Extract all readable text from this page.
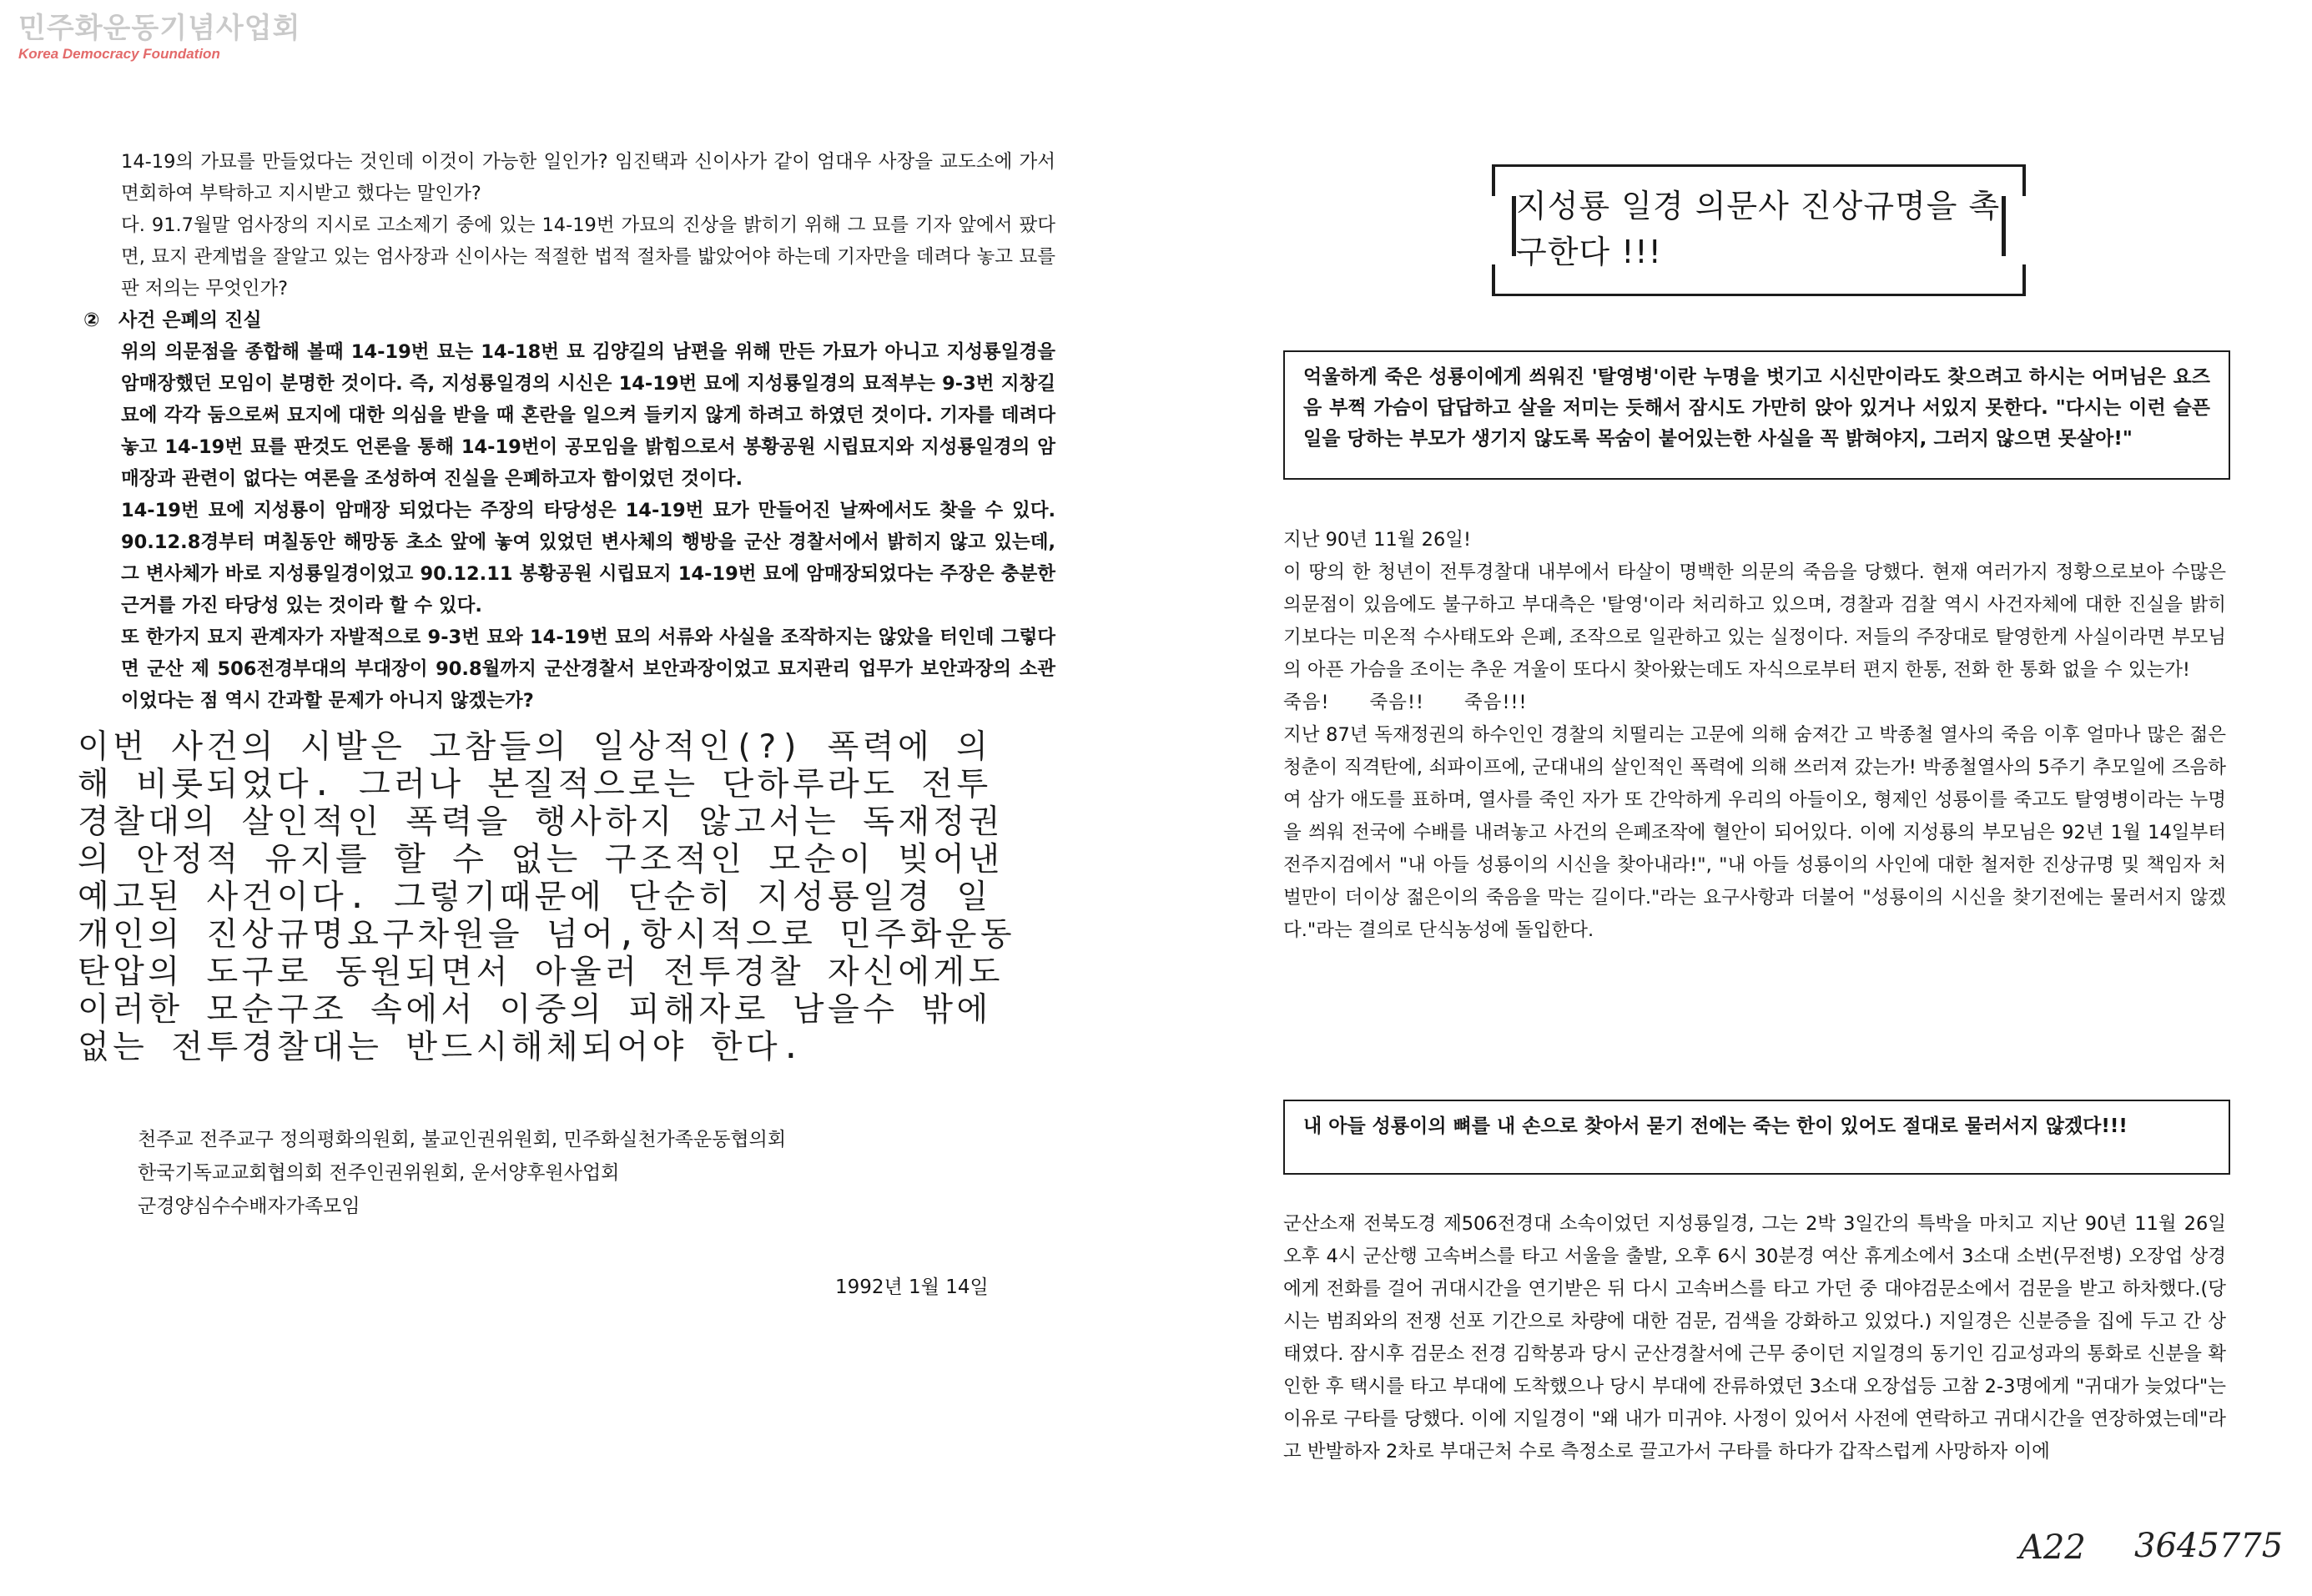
민주화운동기념사업회
Korea Democracy Foundation

14-19의 가묘를 만들었다는 것인데 이것이 가능한 일인가? 임진택과 신이사가 같이 엄대우 사장을 교도소에 가서 면회하여 부탁하고 지시받고 했다는 말인가?

다. 91.7월말 엄사장의 지시로 고소제기 중에 있는 14-19번 가묘의 진상을 밝히기 위해 그 묘를 기자 앞에서 팠다면, 묘지 관계법을 잘알고 있는 엄사장과 신이사는 적절한 법적 절차를 밟았어야 하는데 기자만을 데려다 놓고 묘를 판 저의는 무엇인가?

② 사건 은폐의 진실

위의 의문점을 종합해 볼때 14-19번 묘는 14-18번 묘 김양길의 남편을 위해 만든 가묘가 아니고 지성룡일경을 암매장했던 모임이 분명한 것이다. 즉, 지성룡일경의 시신은 14-19번 묘에 지성룡일경의 묘적부는 9-3번 지창길 묘에 각각 둠으로써 묘지에 대한 의심을 받을 때 혼란을 일으켜 들키지 않게 하려고 하였던 것이다. 기자를 데려다 놓고 14-19번 묘를 판것도 언론을 통해 14-19번이 공모임을 밝힘으로서 봉황공원 시립묘지와 지성룡일경의 암매장과 관련이 없다는 여론을 조성하여 진실을 은폐하고자 함이었던 것이다.

14-19번 묘에 지성룡이 암매장 되었다는 주장의 타당성은 14-19번 묘가 만들어진 날짜에서도 찾을 수 있다. 90.12.8경부터 며칠동안 해망동 초소 앞에 놓여 있었던 변사체의 행방을 군산 경찰서에서 밝히지 않고 있는데, 그 변사체가 바로 지성룡일경이었고 90.12.11 봉황공원 시립묘지 14-19번 묘에 암매장되었다는 주장은 충분한 근거를 가진 타당성 있는 것이라 할 수 있다.

또 한가지 묘지 관계자가 자발적으로 9-3번 묘와 14-19번 묘의 서류와 사실을 조작하지는 않았을 터인데 그렇다면 군산 제 506전경부대의 부대장이 90.8월까지 군산경찰서 보안과장이었고 묘지관리 업무가 보안과장의 소관이었다는 점 역시 간과할 문제가 아니지 않겠는가?

이번 사건의 시발은 고참들의 일상적인(?) 폭력에 의해 비롯되었다. 그러나 본질적으로는 단하루라도 전투경찰대의 살인적인 폭력을 행사하지 않고서는 독재정권의 안정적 유지를 할 수 없는 구조적인 모순이 빚어낸 예고된 사건이다. 그렇기때문에 단순히 지성룡일경 일개인의 진상규명요구차원을 넘어,항시적으로 민주화운동탄압의 도구로 동원되면서 아울러 전투경찰 자신에게도 이러한 모순구조 속에서 이중의 피해자로 남을수 밖에 없는 전투경찰대는 반드시해체되어야 한다.
천주교 전주교구 정의평화의원회, 불교인권위원회, 민주화실천가족운동협의회
한국기독교교회협의회 전주인권위원회, 운서양후원사업회
군경양심수수배자가족모임
1992년 1월 14일
지성룡 일경 의문사 진상규명을 촉구한다 !!!
억울하게 죽은 성룡이에게 씌워진 '탈영병'이란 누명을 벗기고 시신만이라도 찾으려고 하시는 어머님은 요즈음 부쩍 가슴이 답답하고 살을 저미는 듯해서 잠시도 가만히 앉아 있거나 서있지 못한다. "다시는 이런 슬픈 일을 당하는 부모가 생기지 않도록 목숨이 붙어있는한 사실을 꼭 밝혀야지, 그러지 않으면 못살아!"

지난 90년 11월 26일!

이 땅의 한 청년이 전투경찰대 내부에서 타살이 명백한 의문의 죽음을 당했다. 현재 여러가지 정황으로보아 수많은 의문점이 있음에도 불구하고 부대측은 '탈영'이라 처리하고 있으며, 경찰과 검찰 역시 사건자체에 대한 진실을 밝히기보다는 미온적 수사태도와 은폐, 조작으로 일관하고 있는 실정이다. 저들의 주장대로 탈영한게 사실이라면 부모님의 아픈 가슴을 조이는 추운 겨울이 또다시 찾아왔는데도 자식으로부터 편지 한통, 전화 한 통화 없을 수 있는가!

죽음! 죽음!! 죽음!!!

지난 87년 독재정권의 하수인인 경찰의 치떨리는 고문에 의해 숨져간 고 박종철 열사의 죽음 이후 얼마나 많은 젊은 청춘이 직격탄에, 쇠파이프에, 군대내의 살인적인 폭력에 의해 쓰러져 갔는가! 박종철열사의 5주기 추모일에 즈음하여 삼가 애도를 표하며, 열사를 죽인 자가 또 간악하게 우리의 아들이오, 형제인 성룡이를 죽고도 탈영병이라는 누명을 씌워 전국에 수배를 내려놓고 사건의 은폐조작에 혈안이 되어있다. 이에 지성룡의 부모님은 92년 1월 14일부터 전주지검에서 "내 아들 성룡이의 시신을 찾아내라!", "내 아들 성룡이의 사인에 대한 철저한 진상규명 및 책임자 처벌만이 더이상 젊은이의 죽음을 막는 길이다."라는 요구사항과 더불어 "성룡이의 시신을 찾기전에는 물러서지 않겠다."라는 결의로 단식농성에 돌입한다.

내 아들 성룡이의 뼈를 내 손으로 찾아서 묻기 전에는 죽는 한이 있어도 절대로 물러서지 않겠다!!!

군산소재 전북도경 제506전경대 소속이었던 지성룡일경, 그는 2박 3일간의 특박을 마치고 지난 90년 11월 26일 오후 4시 군산행 고속버스를 타고 서울을 출발, 오후 6시 30분경 여산 휴게소에서 3소대 소번(무전병) 오장업 상경에게 전화를 걸어 귀대시간을 연기받은 뒤 다시 고속버스를 타고 가던 중 대야검문소에서 검문을 받고 하차했다.(당시는 범죄와의 전쟁 선포 기간으로 차량에 대한 검문, 검색을 강화하고 있었다.) 지일경은 신분증을 집에 두고 간 상태였다. 잠시후 검문소 전경 김학봉과 당시 군산경찰서에 근무 중이던 지일경의 동기인 김교성과의 통화로 신분을 확인한 후 택시를 타고 부대에 도착했으나 당시 부대에 잔류하였던 3소대 오장섭등 고참 2-3명에게 "귀대가 늦었다"는 이유로 구타를 당했다. 이에 지일경이 "왜 내가 미귀야. 사정이 있어서 사전에 연락하고 귀대시간을 연장하였는데"라고 반발하자 2차로 부대근처 수로 측정소로 끌고가서 구타를 하다가 갑작스럽게 사망하자 이에

A22 3645775
